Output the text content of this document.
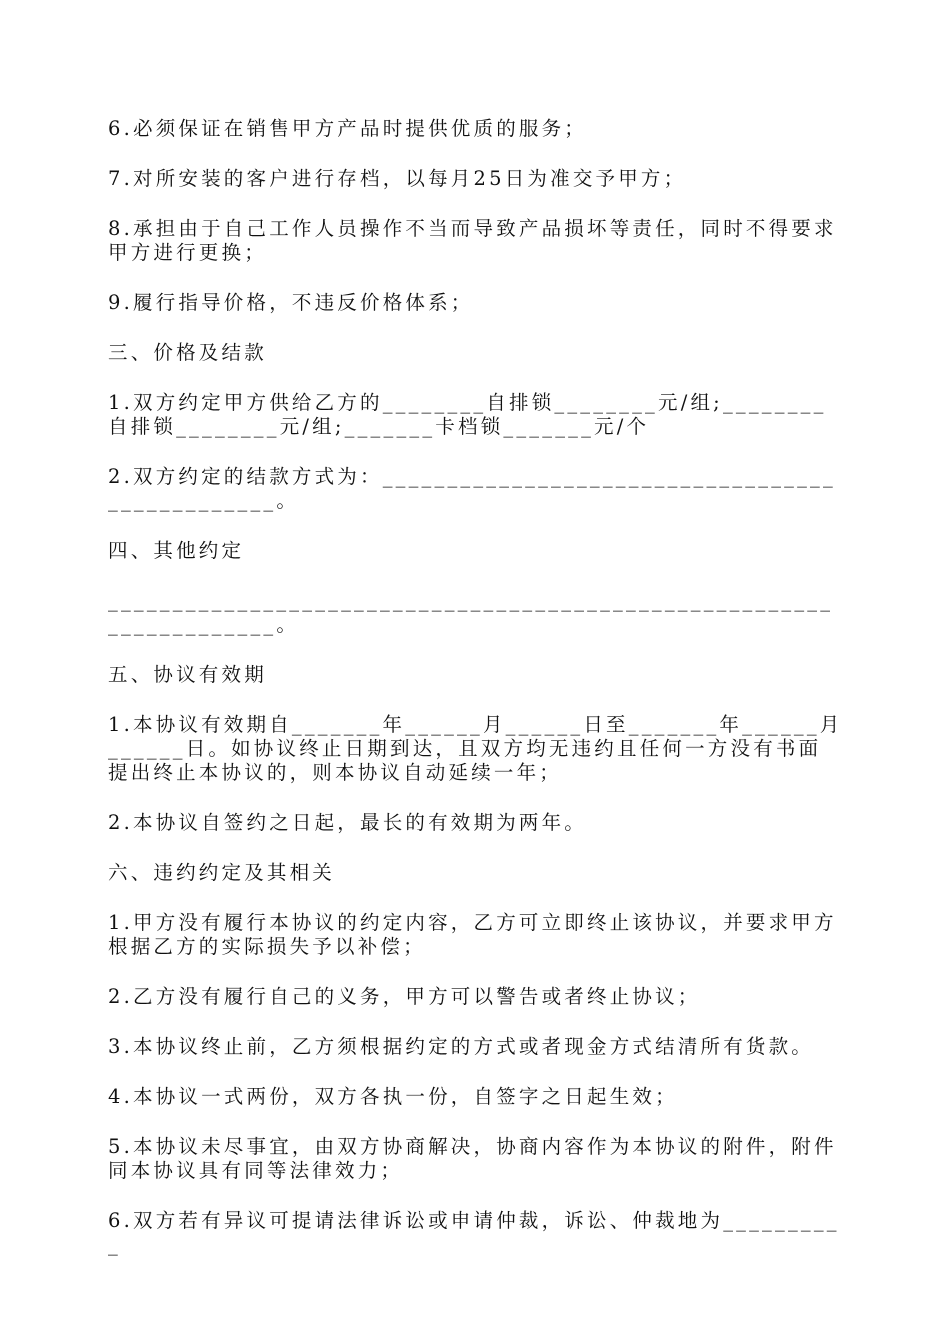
6.必须保证在销售甲方产品时提供优质的服务；

7.对所安装的客户进行存档，以每月25日为准交予甲方；

8.承担由于自己工作人员操作不当而导致产品损坏等责任，同时不得要求甲方进行更换；

9.履行指导价格，不违反价格体系；

三、价格及结款

1.双方约定甲方供给乙方的________自排锁________元/组;________自排锁________元/组;_______卡档锁_______元/个

2.双方约定的结款方式为：________________________________________________。

四、其他约定

_____________________________________________________________________。

五、协议有效期

1.本协议有效期自_______年______月______日至_______年______月______日。如协议终止日期到达，且双方均无违约且任何一方没有书面提出终止本协议的，则本协议自动延续一年；

2.本协议自签约之日起，最长的有效期为两年。

六、违约约定及其相关

1.甲方没有履行本协议的约定内容，乙方可立即终止该协议，并要求甲方根据乙方的实际损失予以补偿；

2.乙方没有履行自己的义务，甲方可以警告或者终止协议；

3.本协议终止前，乙方须根据约定的方式或者现金方式结清所有货款。

4.本协议一式两份，双方各执一份，自签字之日起生效；

5.本协议未尽事宜，由双方协商解决，协商内容作为本协议的附件，附件同本协议具有同等法律效力；

6.双方若有异议可提请法律诉讼或申请仲裁，诉讼、仲裁地为__________
